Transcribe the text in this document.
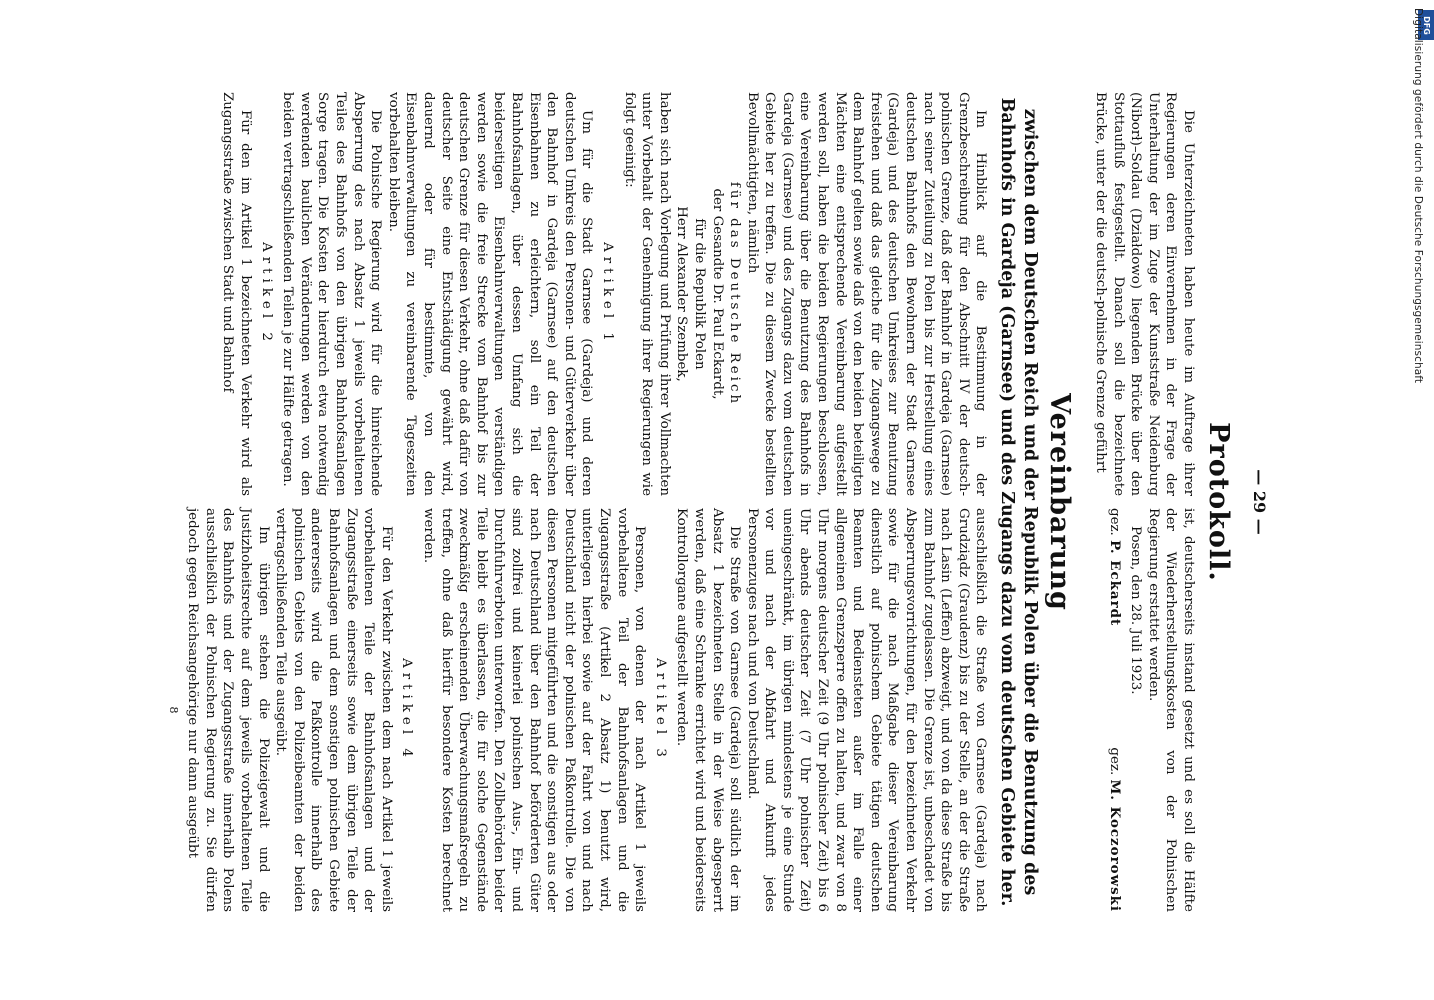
— 29 —
Protokoll.

Die Unterzeichneten haben heute im Auftrage ihrer Regierungen deren Einvernehmen in der Frage der Unterhaltung der im Zuge der Kunststraße Neidenburg (Niborł)–Soldau (Działdowo) liegenden Brücke über den Stottaufluß festgestellt. Danach soll die bezeichnete Brücke, unter der die deutsch-polnische Grenze geführt

ist, deutscherseits instand gesetzt und es soll die Hälfte der Wiederherstellungskosten von der Polnischen Regierung erstattet werden.

Posen, den 28. Juli 1923.

gez. P. Eckardt
gez. M. Koczorowski
Vereinbarung
zwischen dem Deutschen Reich und der Republik Polen über die Benutzung des Bahnhofs in Gardeja (Garnsee) und des Zugangs dazu vom deutschen Gebiete her.

Im Hinblick auf die Bestimmung in der Grenzbeschreibung für den Abschnitt IV der deutsch-polnischen Grenze, daß der Bahnhof in Gardeja (Garnsee) nach seiner Zuteilung zu Polen bis zur Herstellung eines deutschen Bahnhofs den Bewohnern der Stadt Garnsee (Gardeja) und des deutschen Umkreises zur Benutzung freistehen und daß das gleiche für die Zugangswege zu dem Bahnhof gelten sowie daß von den beiden beteiligten Mächten eine entsprechende Vereinbarung aufgestellt werden soll, haben die beiden Regierungen beschlossen, eine Vereinbarung über die Benutzung des Bahnhofs in Gardeja (Garnsee) und des Zugangs dazu vom deutschen Gebiete her zu treffen. Die zu diesem Zwecke bestellten Bevollmächtigten, nämlich

für das Deutsche Reich

der Gesandte Dr. Paul Eckardt,

für die Republik Polen

Herr Alexander Szembek,

haben sich nach Vorlegung und Prüfung ihrer Vollmachten unter Vorbehalt der Genehmigung ihrer Regierungen wie folgt geeinigt:

Artikel 1

Um für die Stadt Garnsee (Gardeja) und deren deutschen Umkreis den Personen- und Güterverkehr über den Bahnhof in Gardeja (Garnsee) auf den deutschen Eisenbahnen zu erleichtern, soll ein Teil der Bahnhofsanlagen, über dessen Umfang sich die beiderseitigen Eisenbahnverwaltungen verständigen werden sowie die freie Strecke vom Bahnhof bis zur deutschen Grenze für diesen Verkehr, ohne daß dafür von deutscher Seite eine Entschädigung gewährt wird, dauernd oder für bestimmte, von den Eisenbahnverwaltungen zu vereinbarende Tageszeiten vorbehalten bleiben.

Die Polnische Regierung wird für die hinreichende Absperrung des nach Absatz 1 jeweils vorbehaltenen Teiles des Bahnhofs von den übrigen Bahnhofsanlagen Sorge tragen. Die Kosten der hierdurch etwa notwendig werdenden baulichen Veränderungen werden von den beiden vertragschließenden Teilen je zur Hälfte getragen.

Artikel 2

Für den im Artikel 1 bezeichneten Verkehr wird als Zugangsstraße zwischen Stadt und Bahnhof

ausschließlich die Straße von Garnsee (Gardeja) nach Grudziądz (Graudenz) bis zu der Stelle, an der die Straße nach Lasin (Leffen) abzweigt, und von da diese Straße bis zum Bahnhof zugelassen. Die Grenze ist, unbeschadet von Absperrungsvorrichtungen, für den bezeichneten Verkehr sowie für die nach Maßgabe dieser Vereinbarung dienstlich auf polnischem Gebiete tätigen deutschen Beamten und Bediensteten außer im Falle einer allgemeinen Grenzsperre offen zu halten, und zwar von 8 Uhr morgens deutscher Zeit (9 Uhr polnischer Zeit) bis 6 Uhr abends deutscher Zeit (7 Uhr polnischer Zeit) uneingeschränkt, im übrigen mindestens je eine Stunde vor und nach der Abfahrt und Ankunft jedes Personenzuges nach und von Deutschland.

Die Straße von Garnsee (Gardeja) soll südlich der im Absatz 1 bezeichneten Stelle in der Weise abgesperrt werden, daß eine Schranke errichtet wird und beiderseits Kontrollorgane aufgestellt werden.

Artikel 3

Personen, von denen der nach Artikel 1 jeweils vorbehaltene Teil der Bahnhofsanlagen und die Zugangsstraße (Artikel 2 Absatz 1) benutzt wird, unterliegen hierbei sowie auf der Fahrt von und nach Deutschland nicht der polnischen Paßkontrolle. Die von diesen Personen mitgeführten und die sonstigen aus oder nach Deutschland über den Bahnhof beförderten Güter sind zollfrei und keinerlei polnischen Aus-, Ein- und Durchfuhrverboten unterworfen. Den Zollbehörden beider Teile bleibt es überlassen, die für solche Gegenstände zweckmäßig erscheinenden Überwachungsmaßregeln zu treffen, ohne daß hierfür besondere Kosten berechnet werden.

Artikel 4

Für den Verkehr zwischen dem nach Artikel 1 jeweils vorbehaltenen Teile der Bahnhofsanlagen und der Zugangsstraße einerseits sowie dem übrigen Teile der Bahnhofsanlagen und dem sonstigen polnischen Gebiete andererseits wird die Paßkontrolle innerhalb des polnischen Gebiets von den Polizeibeamten der beiden vertragschließenden Teile ausgeübt.

Im übrigen stehen die Polizeigewalt und die Justizhoheitsrechte auf dem jeweils vorbehaltenen Teile des Bahnhofs und der Zugangsstraße innerhalb Polens ausschließlich der Polnischen Regierung zu. Sie dürfen jedoch gegen Reichsangehörige nur dann ausgeübt

8
DFG
Digitalisierung gefördert durch die Deutsche Forschungsgemeinschaft
